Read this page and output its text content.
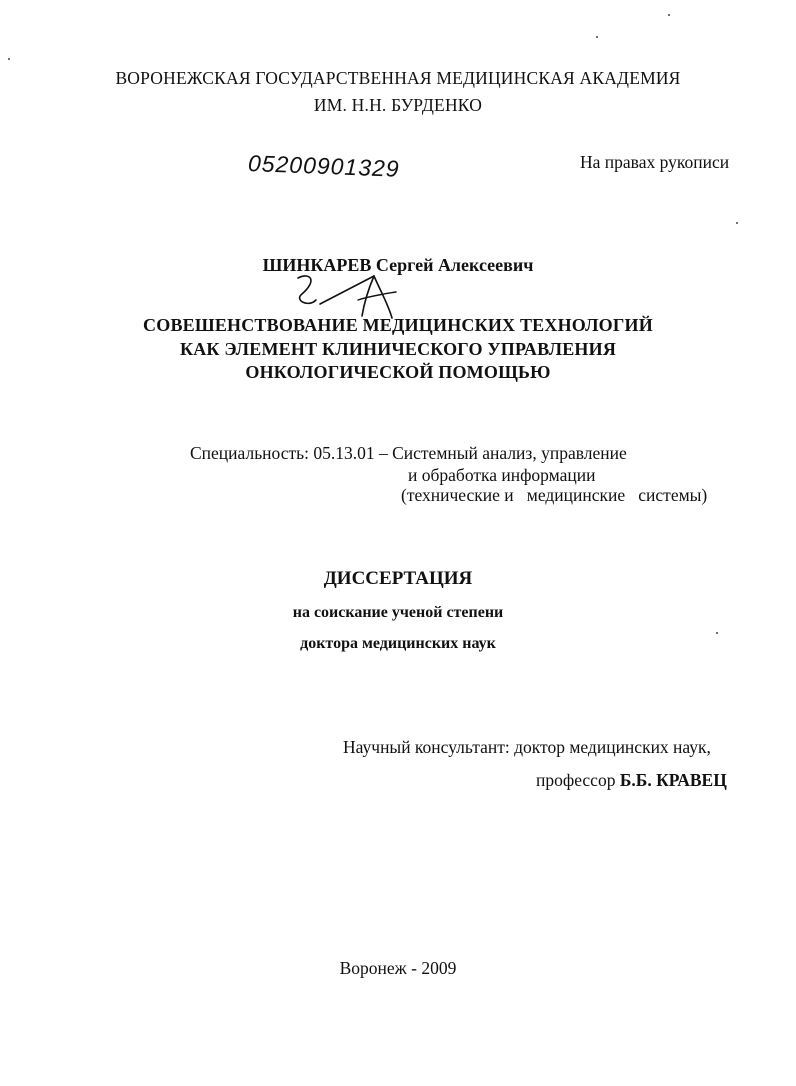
ВОРОНЕЖСКАЯ ГОСУДАРСТВЕННАЯ МЕДИЦИНСКАЯ АКАДЕМИЯ
ИМ. Н.Н. БУРДЕНКО
05200901329	На правах рукописи
ШИНКАРЕВ Сергей Алексеевич
СОВЕШЕНСТВОВАНИЕ МЕДИЦИНСКИХ ТЕХНОЛОГИЙ
КАК ЭЛЕМЕНТ КЛИНИЧЕСКОГО УПРАВЛЕНИЯ
ОНКОЛОГИЧЕСКОЙ ПОМОЩЬЮ
Специальность: 05.13.01 – Системный анализ, управление
и обработка информации
(технические и   медицинские   системы)
ДИССЕРТАЦИЯ
на соискание ученой степени
доктора медицинских наук
Научный консультант: доктор медицинских наук,
профессор Б.Б. КРАВЕЦ
Воронеж - 2009
